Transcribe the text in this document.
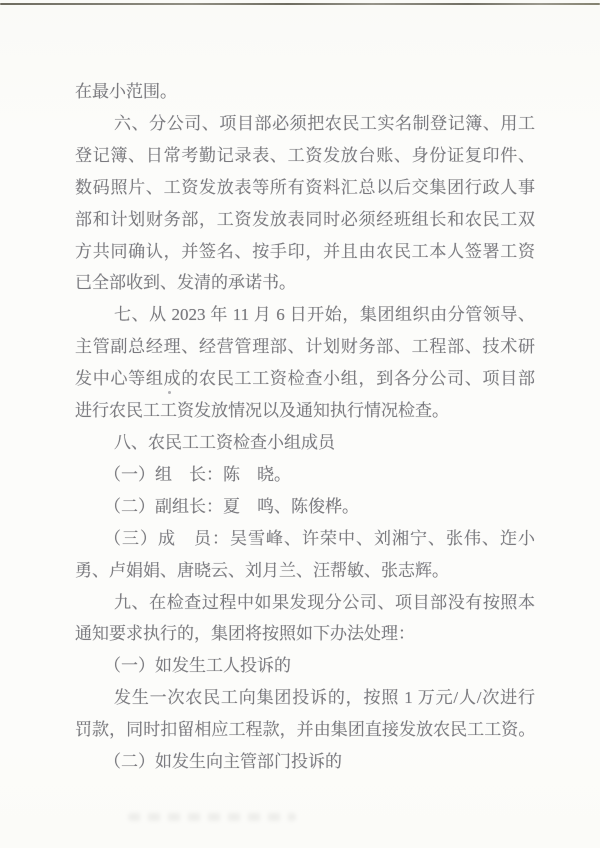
在最小范围。
六、分公司、项目部必须把农民工实名制登记簿、用工
登记簿、日常考勤记录表、工资发放台账、身份证复印件、
数码照片、工资发放表等所有资料汇总以后交集团行政人事
部和计划财务部，工资发放表同时必须经班组长和农民工双
方共同确认，并签名、按手印，并且由农民工本人签署工资
已全部收到、发清的承诺书。
七、从 2023 年 11 月 6 日开始，集团组织由分管领导、
主管副总经理、经营管理部、计划财务部、工程部、技术研
发中心等组成的农民工工资检查小组，到各分公司、项目部
进行农民工工资发放情况以及通知执行情况检查。
八、农民工工资检查小组成员
（一）组　长：陈　晓。
（二）副组长：夏　鸣、陈俊桦。
（三）成　员：吴雪峰、许荣中、刘湘宁、张伟、迮小
勇、卢娟娟、唐晓云、刘月兰、汪帮敏、张志辉。
九、在检查过程中如果发现分公司、项目部没有按照本
通知要求执行的，集团将按照如下办法处理：
（一）如发生工人投诉的
发生一次农民工向集团投诉的，按照 1 万元/人/次进行
罚款，同时扣留相应工程款，并由集团直接发放农民工工资。
（二）如发生向主管部门投诉的
